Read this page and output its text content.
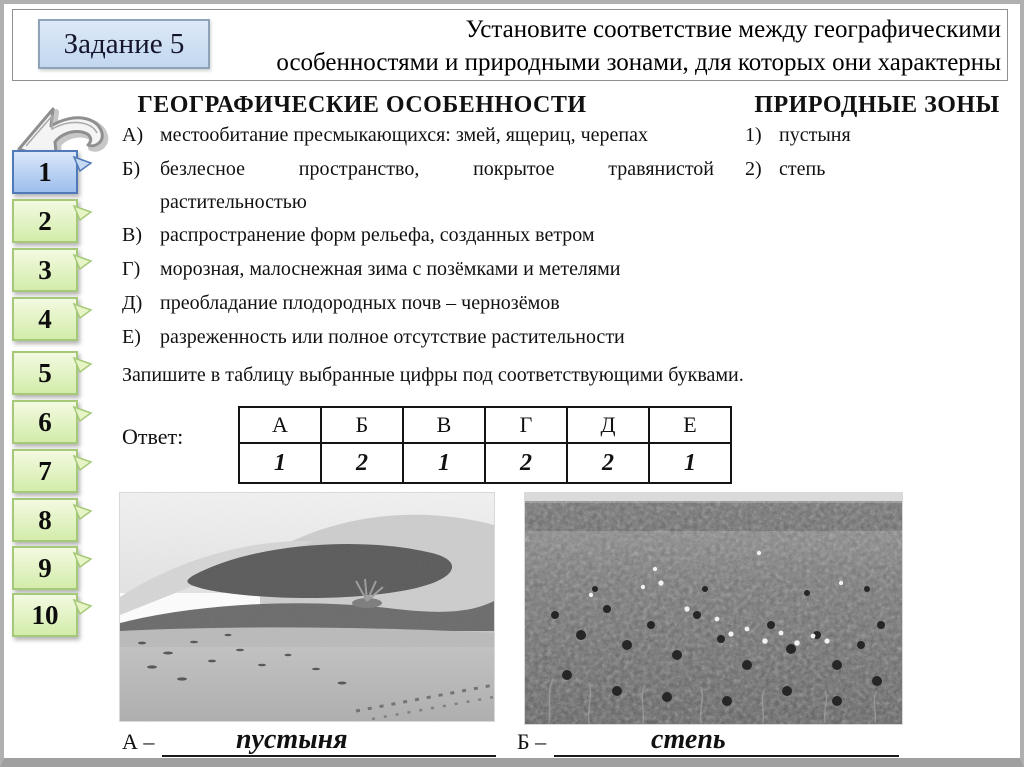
Задание 5	Установите соответствие между географическими
особенностями и природными зонами, для которых они характерны
1
2
3
4
5
6
7
8
9
10
ГЕОГРАФИЧЕСКИЕ ОСОБЕННОСТИ	ПРИРОДНЫЕ ЗОНЫ
А) местообитание пресмыкающихся: змей, ящериц, черепах
Б) безлесное	пространство,	покрытое	травянистой
растительностью
В) распространение форм рельефа, созданных ветром
Г) морозная, малоснежная зима с позёмками и метелями
Д) преобладание плодородных почв – чернозёмов
Е) разреженность или полное отсутствие растительности
1) пустыня
2) степь
Запишите в таблицу выбранные цифры под соответствующими буквами.
Ответ:	А	Б	В	Г	Д	Е
1	2	1	2	2	1
А –	пустыня	Б –	степь
